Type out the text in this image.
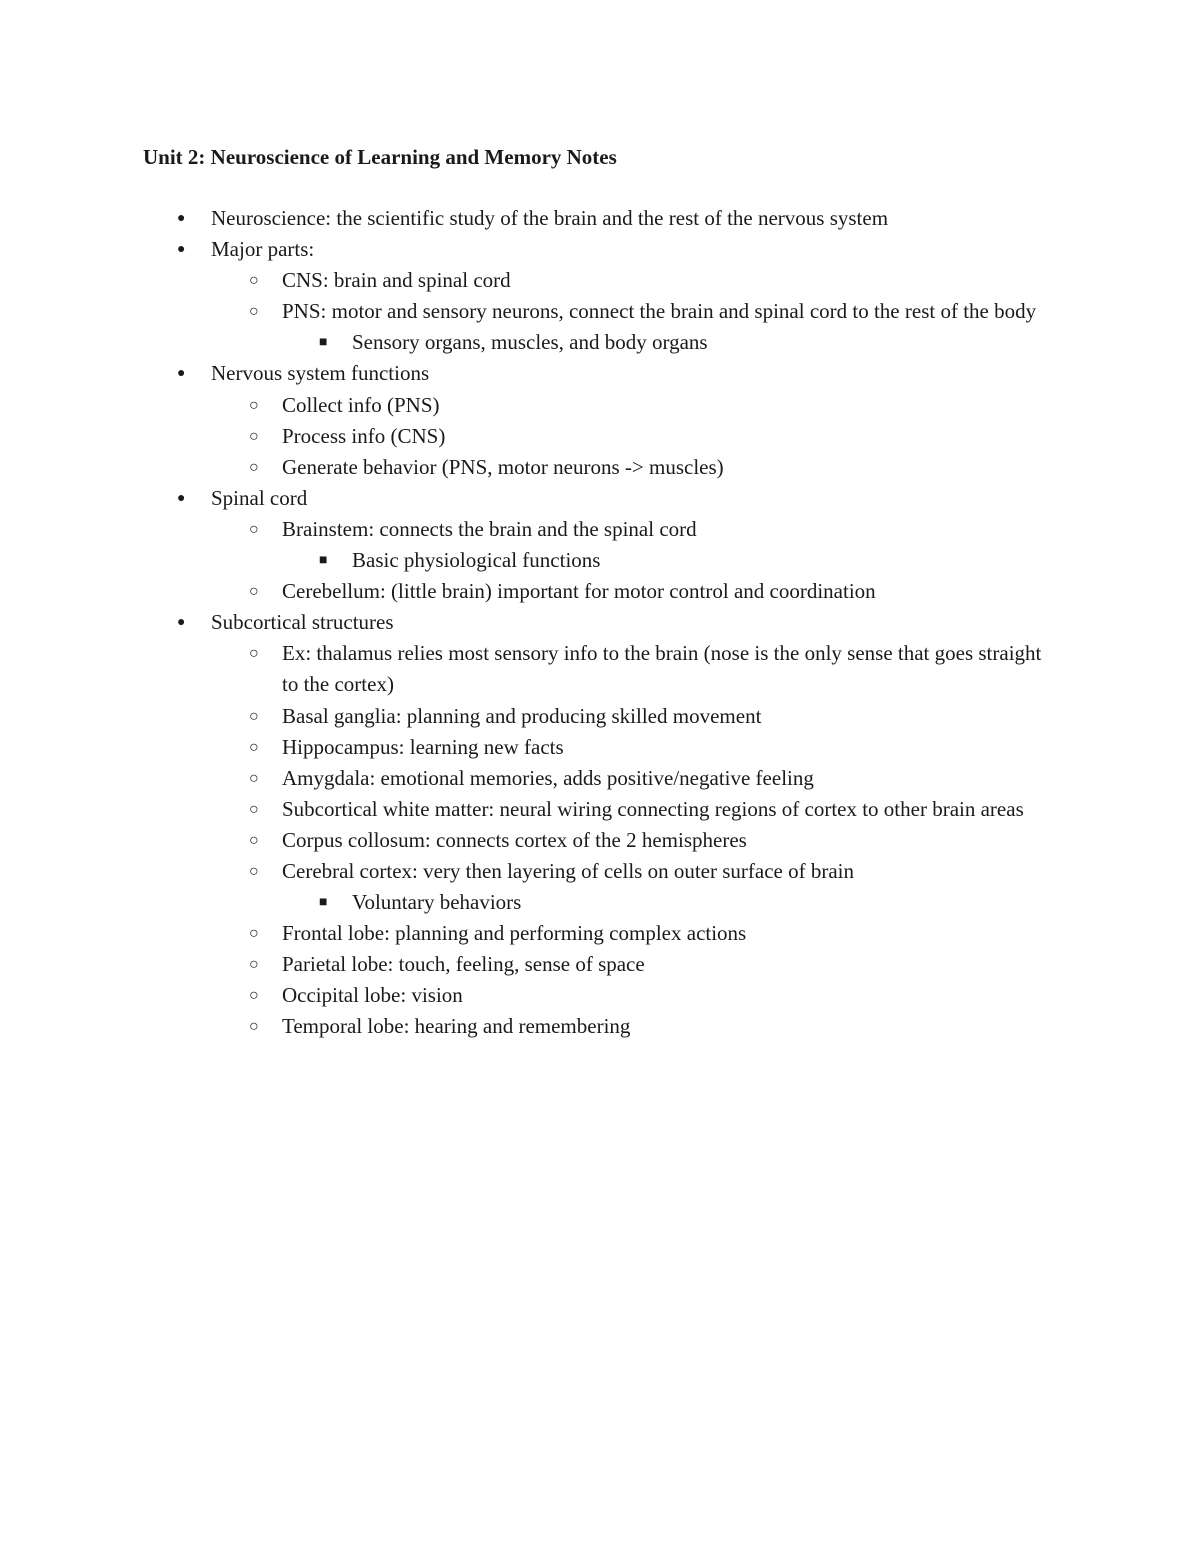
Unit 2: Neuroscience of Learning and Memory Notes
● Neuroscience: the scientific study of the brain and the rest of the nervous system
● Major parts:
○ CNS: brain and spinal cord
○ PNS: motor and sensory neurons, connect the brain and spinal cord to the rest of the body
■ Sensory organs, muscles, and body organs
● Nervous system functions
○ Collect info (PNS)
○ Process info (CNS)
○ Generate behavior (PNS, motor neurons -> muscles)
● Spinal cord
○ Brainstem: connects the brain and the spinal cord
■ Basic physiological functions
○ Cerebellum: (little brain) important for motor control and coordination
● Subcortical structures
○ Ex: thalamus relies most sensory info to the brain (nose is the only sense that goes straight to the cortex)
○ Basal ganglia: planning and producing skilled movement
○ Hippocampus: learning new facts
○ Amygdala: emotional memories, adds positive/negative feeling
○ Subcortical white matter: neural wiring connecting regions of cortex to other brain areas
○ Corpus collosum: connects cortex of the 2 hemispheres
○ Cerebral cortex: very then layering of cells on outer surface of brain
■ Voluntary behaviors
○ Frontal lobe: planning and performing complex actions
○ Parietal lobe: touch, feeling, sense of space
○ Occipital lobe: vision
○ Temporal lobe: hearing and remembering
